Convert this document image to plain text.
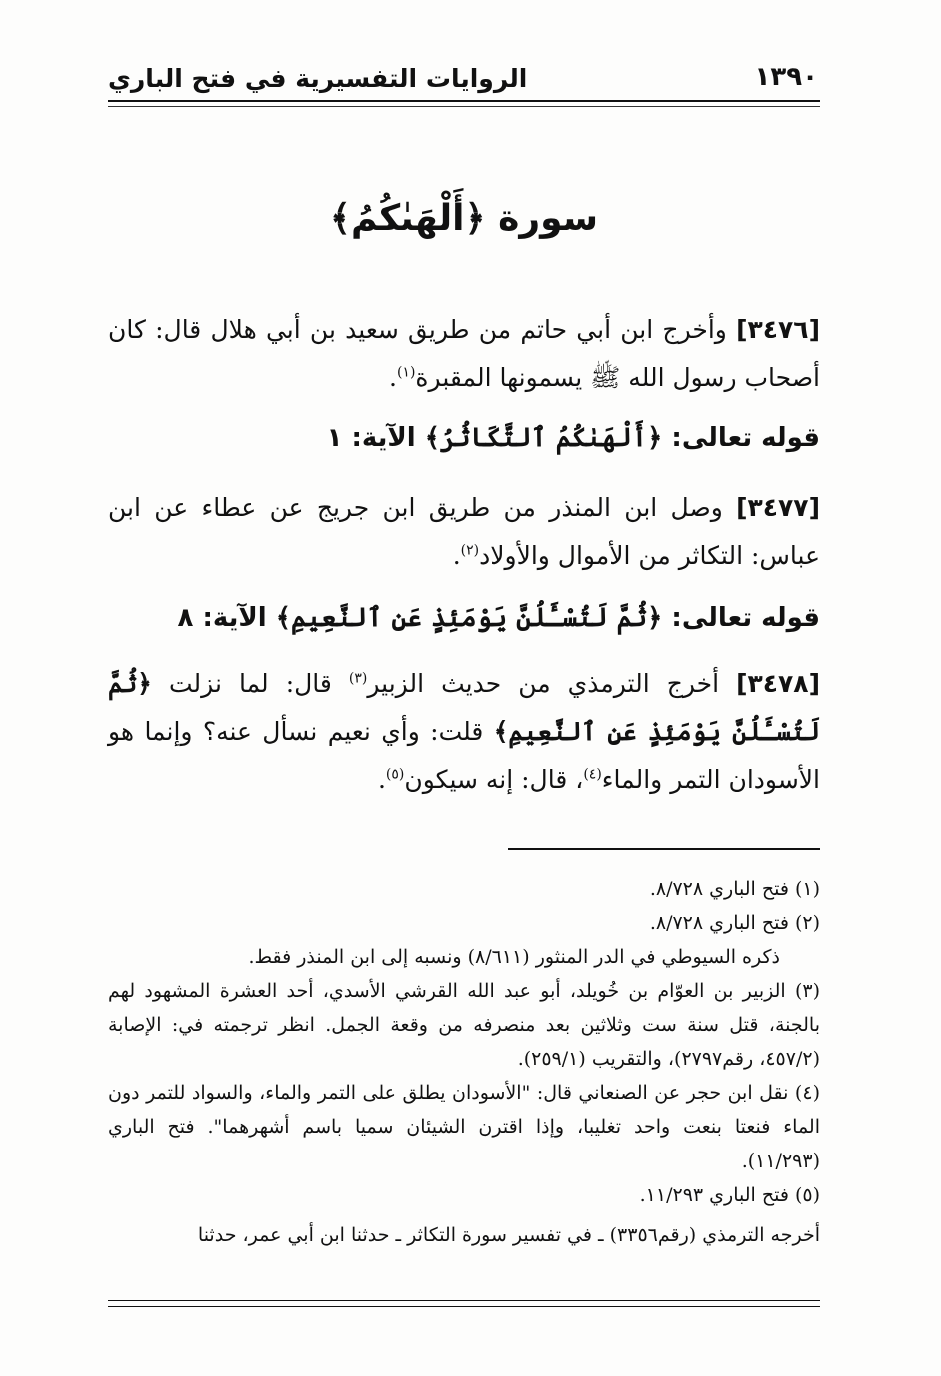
١٣٩٠
الروايات التفسيرية في فتح الباري
سورة ﴿أَلْهَىٰكُمُ﴾
[٣٤٧٦] وأخرج ابن أبي حاتم من طريق سعيد بن أبي هلال قال: كان أصحاب رسول الله ﷺ يسمونها المقبرة$^{(١)}$.
قوله تعالى: ﴿أَلْهَىٰكُمُ ٱلتَّكَاثُرُ﴾ الآية: ١
[٣٤٧٧] وصل ابن المنذر من طريق ابن جريج عن عطاء عن ابن عباس: التكاثر من الأموال والأولاد$^{(٢)}$.
قوله تعالى: ﴿ثُمَّ لَتُسْـَٔلُنَّ يَوْمَئِذٍ عَنِ ٱلنَّعِيمِ﴾ الآية: ٨
[٣٤٧٨] أخرج الترمذي من حديث الزبير$^{(٣)}$ قال: لما نزلت ﴿ثُمَّ لَتُسْـَٔلُنَّ يَوْمَئِذٍ عَنِ ٱلنَّعِيمِ﴾ قلت: وأي نعيم نسأل عنه؟ وإنما هو الأسودان التمر والماء$^{(٤)}$، قال: إنه سيكون$^{(٥)}$.
(١) فتح الباري ٨/٧٢٨.
(٢) فتح الباري ٨/٧٢٨.
ذكره السيوطي في الدر المنثور (٨/٦١١) ونسبه إلى ابن المنذر فقط.
(٣) الزبير بن العوّام بن خُويلد، أبو عبد الله القرشي الأسدي، أحد العشرة المشهود لهم بالجنة، قتل سنة ست وثلاثين بعد منصرفه من وقعة الجمل. انظر ترجمته في: الإصابة (٤٥٧/٢، رقم٢٧٩٧)، والتقريب (٢٥٩/١).
(٤) نقل ابن حجر عن الصنعاني قال: "الأسودان يطلق على التمر والماء، والسواد للتمر دون الماء فنعتا بنعت واحد تغليبا، وإذا اقترن الشيئان سميا باسم أشهرهما". فتح الباري (١١/٢٩٣).
(٥) فتح الباري ١١/٢٩٣.
أخرجه الترمذي (رقم٣٣٥٦) ـ في تفسير سورة التكاثر ـ حدثنا ابن أبي عمر، حدثنا
